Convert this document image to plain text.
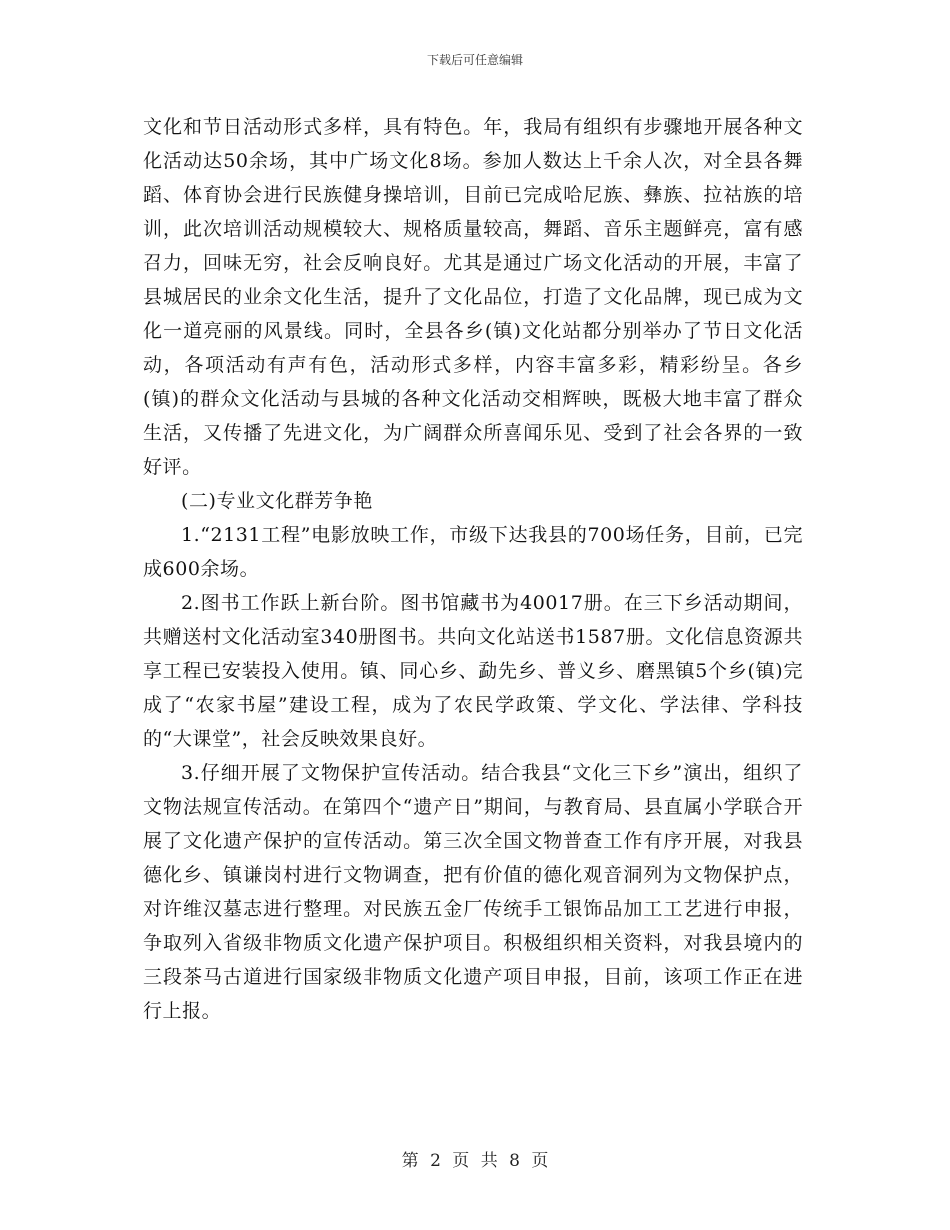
下载后可任意编辑

文化和节日活动形式多样，具有特色。年，我局有组织有步骤地开展各种文化活动达50余场，其中广场文化8场。参加人数达上千余人次，对全县各舞蹈、体育协会进行民族健身操培训，目前已完成哈尼族、彝族、拉祜族的培训，此次培训活动规模较大、规格质量较高，舞蹈、音乐主题鲜亮，富有感召力，回味无穷，社会反响良好。尤其是通过广场文化活动的开展，丰富了县城居民的业余文化生活，提升了文化品位，打造了文化品牌，现已成为文化一道亮丽的风景线。同时，全县各乡(镇)文化站都分别举办了节日文化活动，各项活动有声有色，活动形式多样，内容丰富多彩，精彩纷呈。各乡(镇)的群众文化活动与县城的各种文化活动交相辉映，既极大地丰富了群众生活，又传播了先进文化，为广阔群众所喜闻乐见、受到了社会各界的一致好评。

(二)专业文化群芳争艳

1.“2131工程”电影放映工作，市级下达我县的700场任务，目前，已完成600余场。

2.图书工作跃上新台阶。图书馆藏书为40017册。在三下乡活动期间，共赠送村文化活动室340册图书。共向文化站送书1587册。文化信息资源共享工程已安装投入使用。镇、同心乡、勐先乡、普义乡、磨黑镇5个乡(镇)完成了“农家书屋”建设工程，成为了农民学政策、学文化、学法律、学科技的“大课堂”，社会反映效果良好。

3.仔细开展了文物保护宣传活动。结合我县“文化三下乡”演出，组织了文物法规宣传活动。在第四个“遗产日”期间，与教育局、县直属小学联合开展了文化遗产保护的宣传活动。第三次全国文物普查工作有序开展，对我县德化乡、镇谦岗村进行文物调查，把有价值的德化观音洞列为文物保护点，对许维汉墓志进行整理。对民族五金厂传统手工银饰品加工工艺进行申报，争取列入省级非物质文化遗产保护项目。积极组织相关资料，对我县境内的三段茶马古道进行国家级非物质文化遗产项目申报，目前，该项工作正在进行上报。

第 2 页 共 8 页
